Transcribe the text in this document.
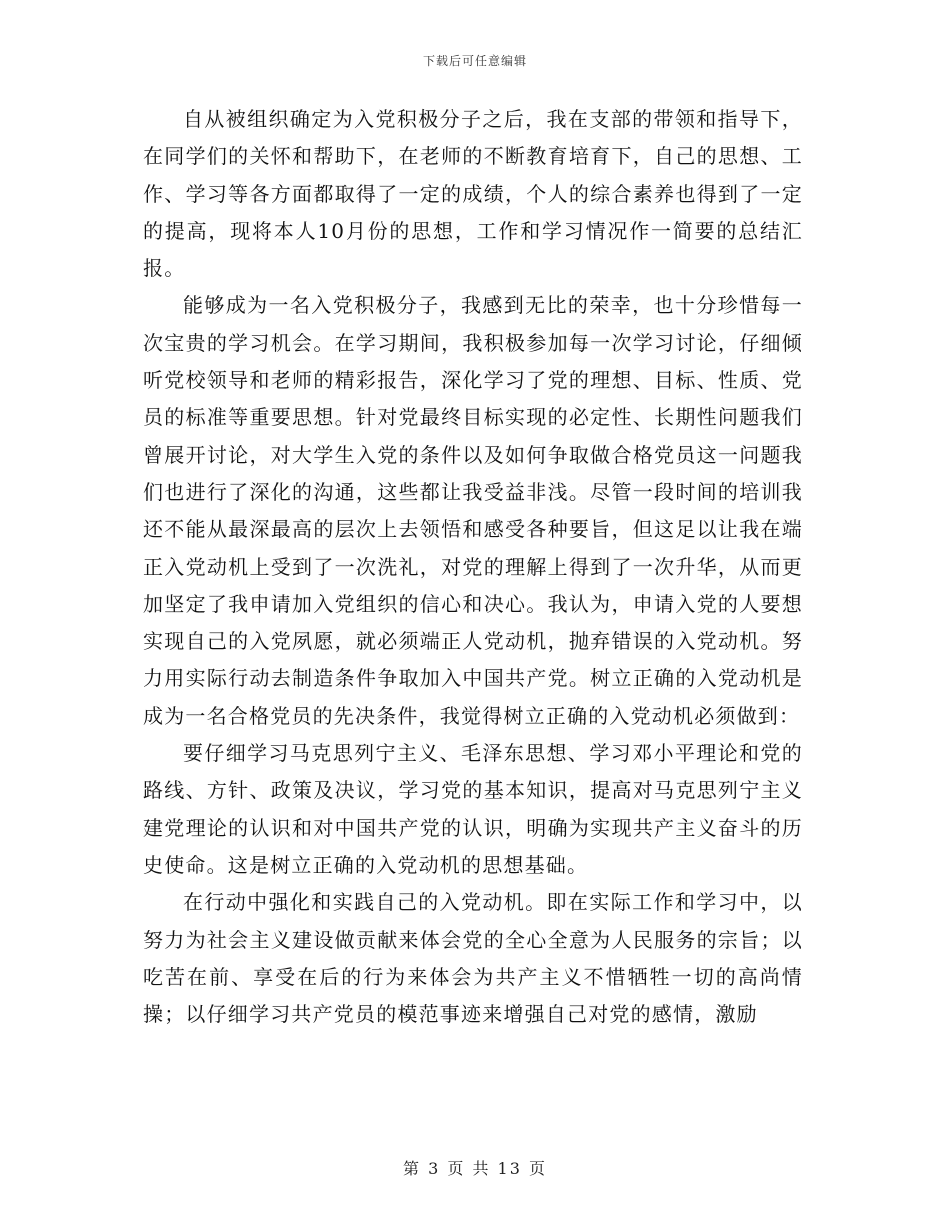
下载后可任意编辑

自从被组织确定为入党积极分子之后，我在支部的带领和指导下，在同学们的关怀和帮助下，在老师的不断教育培育下，自己的思想、工作、学习等各方面都取得了一定的成绩，个人的综合素养也得到了一定的提高，现将本人10月份的思想，工作和学习情况作一简要的总结汇报。

能够成为一名入党积极分子，我感到无比的荣幸，也十分珍惜每一次宝贵的学习机会。在学习期间，我积极参加每一次学习讨论，仔细倾听党校领导和老师的精彩报告，深化学习了党的理想、目标、性质、党员的标准等重要思想。针对党最终目标实现的必定性、长期性问题我们曾展开讨论，对大学生入党的条件以及如何争取做合格党员这一问题我们也进行了深化的沟通，这些都让我受益非浅。尽管一段时间的培训我还不能从最深最高的层次上去领悟和感受各种要旨，但这足以让我在端正入党动机上受到了一次洗礼，对党的理解上得到了一次升华，从而更加坚定了我申请加入党组织的信心和决心。我认为，申请入党的人要想实现自己的入党夙愿，就必须端正人党动机，抛弃错误的入党动机。努力用实际行动去制造条件争取加入中国共产党。树立正确的入党动机是成为一名合格党员的先决条件，我觉得树立正确的入党动机必须做到：

要仔细学习马克思列宁主义、毛泽东思想、学习邓小平理论和党的路线、方针、政策及决议，学习党的基本知识，提高对马克思列宁主义建党理论的认识和对中国共产党的认识，明确为实现共产主义奋斗的历史使命。这是树立正确的入党动机的思想基础。

在行动中强化和实践自己的入党动机。即在实际工作和学习中，以努力为社会主义建设做贡献来体会党的全心全意为人民服务的宗旨；以吃苦在前、享受在后的行为来体会为共产主义不惜牺牲一切的高尚情操；以仔细学习共产党员的模范事迹来增强自己对党的感情，激励

第 3 页 共 13 页
